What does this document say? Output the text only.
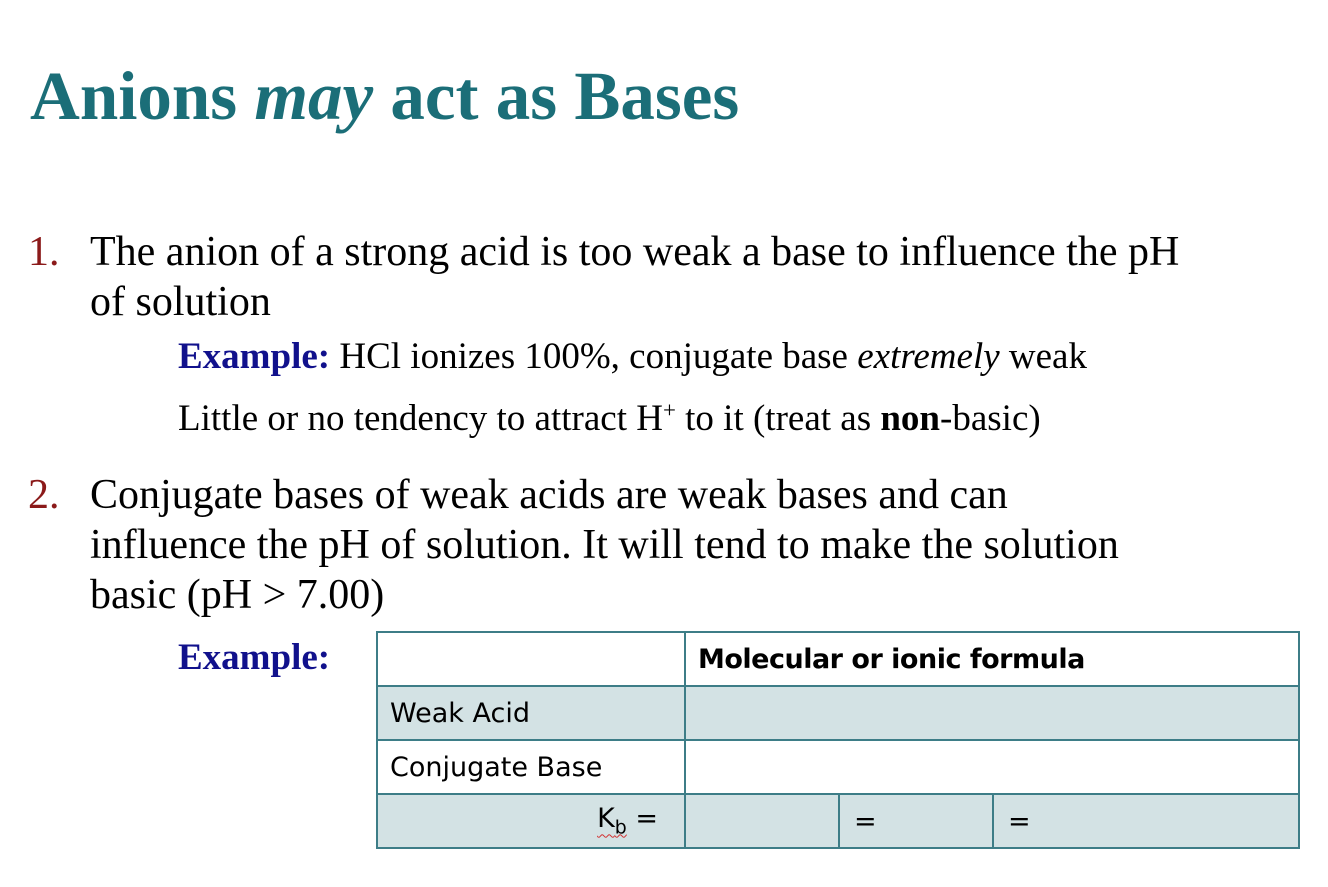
Anions may act as Bases
1. The anion of a strong acid is too weak a base to influence the pH
of solution
Example: HCl ionizes 100%, conjugate base extremely weak
Little or no tendency to attract H+ to it (treat as non-basic)
2. Conjugate bases of weak acids are weak bases and can
influence the pH of solution. It will tend to make the solution
basic (pH > 7.00)
Example:
		Molecular or ionic formula		
Weak Acid			
Conjugate Base			
$K_b$ =		=	=
